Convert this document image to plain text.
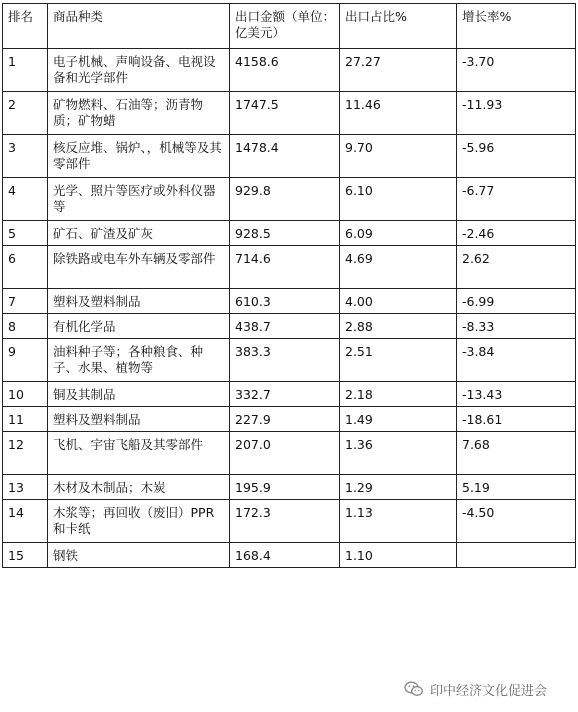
排名	商品种类	出口金额（单位：亿美元）	出口占比%	增长率%
1	电子机械、声响设备、电视设备和光学部件	4158.6	27.27	-3.70
2	矿物燃料、石油等；沥青物质；矿物蜡	1747.5	11.46	-11.93
3	核反应堆、锅炉、，机械等及其零部件	1478.4	9.70	-5.96
4	光学、照片等医疗或外科仪器等	929.8	6.10	-6.77
5	矿石、矿渣及矿灰	928.5	6.09	-2.46
6	除铁路或电车外车辆及零部件	714.6	4.69	2.62
7	塑料及塑料制品	610.3	4.00	-6.99
8	有机化学品	438.7	2.88	-8.33
9	油料种子等；各种粮食、种子、水果、植物等	383.3	2.51	-3.84
10	铜及其制品	332.7	2.18	-13.43
11	塑料及塑料制品	227.9	1.49	-18.61
12	飞机、宇宙飞船及其零部件	207.0	1.36	7.68
13	木材及木制品；木炭	195.9	1.29	5.19
14	木浆等；再回收（废旧）PPR 和卡纸	172.3	1.13	-4.50
15	钢铁	168.4	1.10	
印中经济文化促进会
